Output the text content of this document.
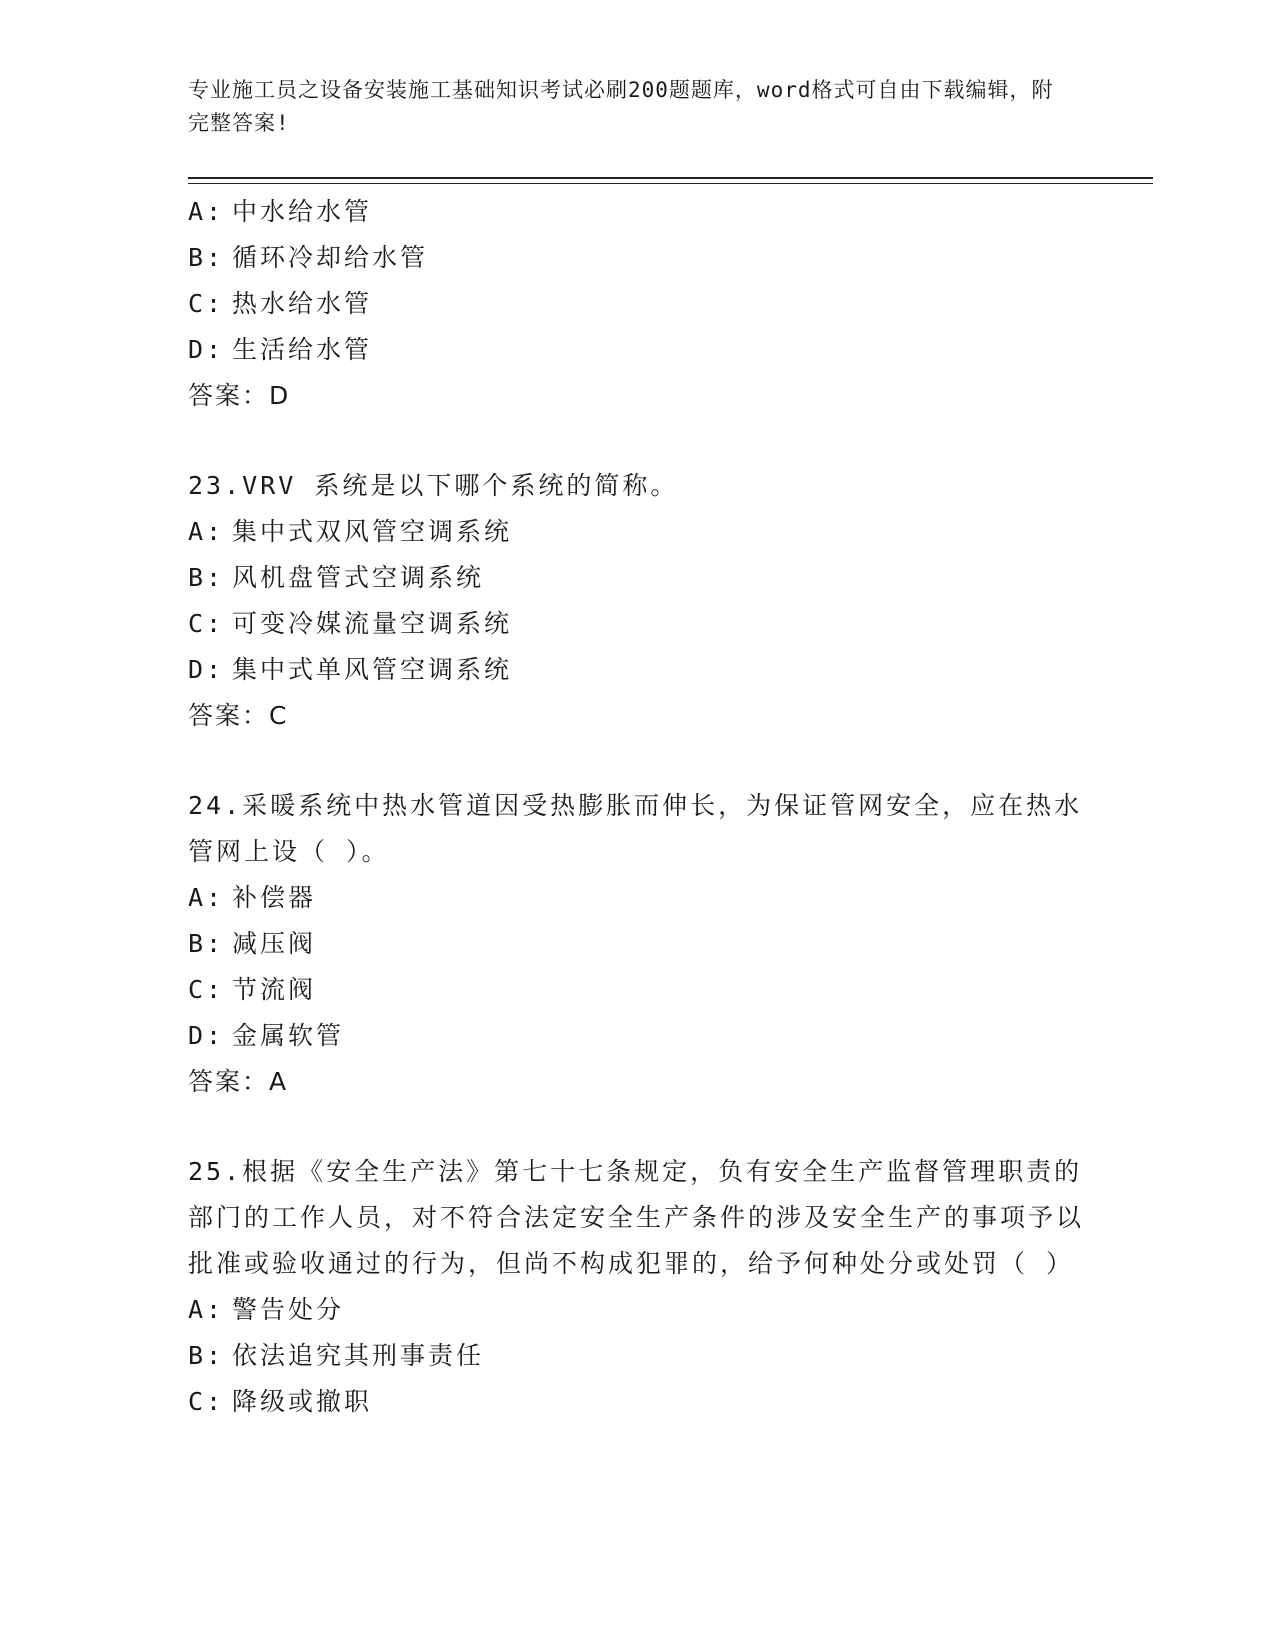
专业施工员之设备安装施工基础知识考试必刷200题题库，word格式可自由下载编辑，附完整答案!
A: 中水给水管
B: 循环冷却给水管
C: 热水给水管
D: 生活给水管
答案：D
23.VRV 系统是以下哪个系统的简称。
A: 集中式双风管空调系统
B: 风机盘管式空调系统
C: 可变冷媒流量空调系统
D: 集中式单风管空调系统
答案：C
24.采暖系统中热水管道因受热膨胀而伸长，为保证管网安全，应在热水管网上设（ ）。
A: 补偿器
B: 减压阀
C: 节流阀
D: 金属软管
答案：A
25.根据《安全生产法》第七十七条规定，负有安全生产监督管理职责的部门的工作人员，对不符合法定安全生产条件的涉及安全生产的事项予以批准或验收通过的行为，但尚不构成犯罪的，给予何种处分或处罚（ ）
A: 警告处分
B: 依法追究其刑事责任
C: 降级或撤职
